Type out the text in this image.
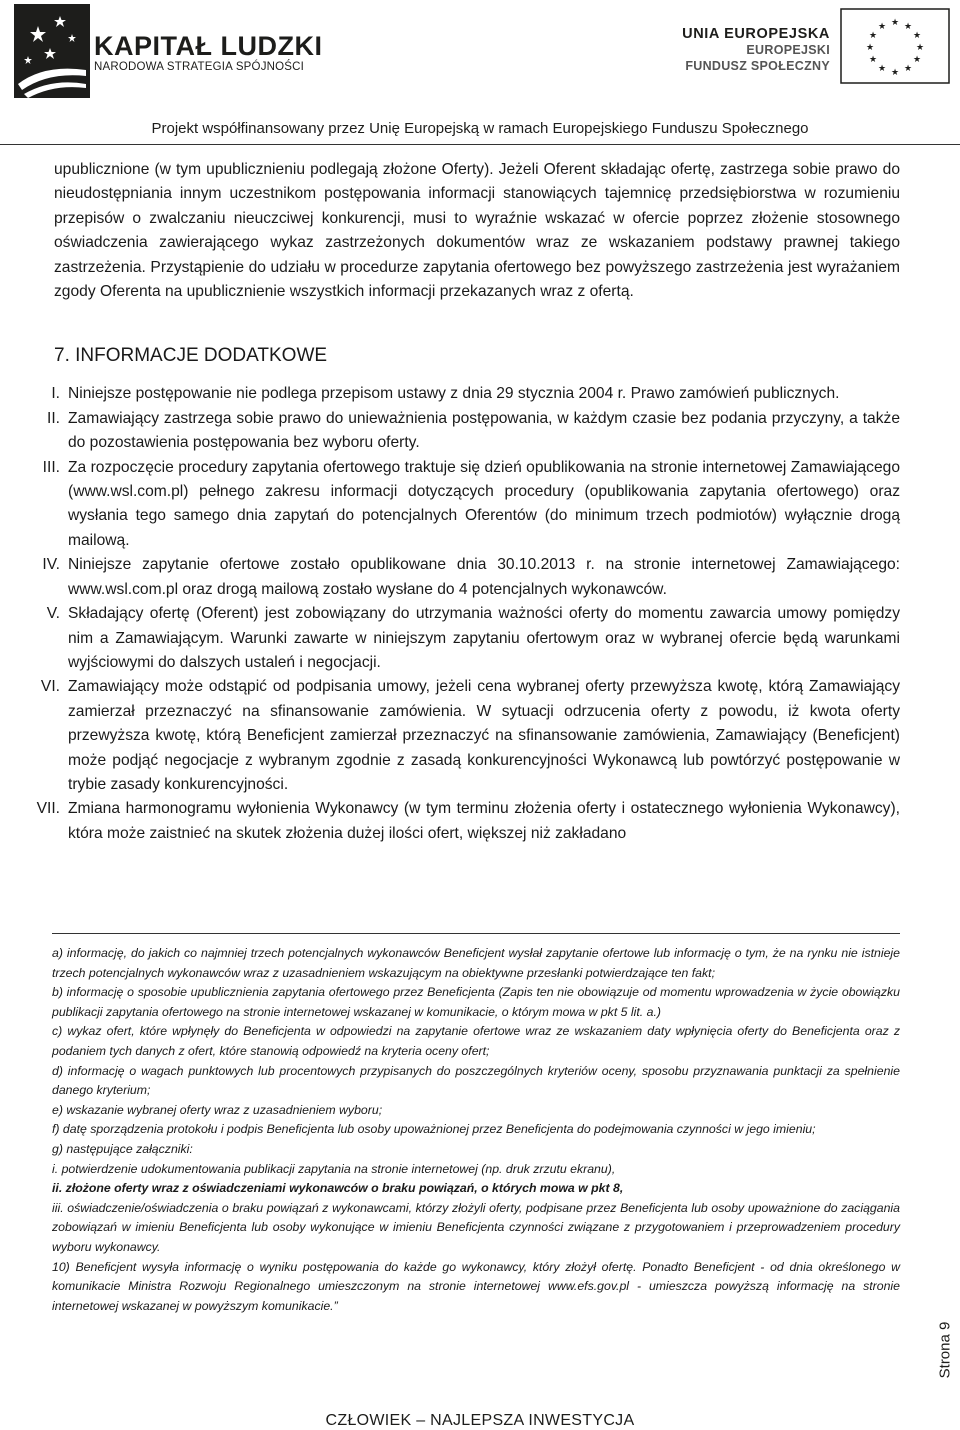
KAPITAŁ LUDZKI
NARODOWA STRATEGIA SPÓJNOŚCI
UNIA EUROPEJSKA
EUROPEJSKI
FUNDUSZ SPOŁECZNY
★ ★
★
★
★
★
★
★
★
★
★
★
Projekt współfinansowany przez Unię Europejską w ramach Europejskiego Funduszu Społecznego

upublicznione (w tym upublicznieniu podlegają złożone Oferty). Jeżeli Oferent składając ofertę, zastrzega sobie prawo do nieudostępniania innym uczestnikom postępowania informacji stanowiących tajemnicę przedsiębiorstwa w rozumieniu przepisów o zwalczaniu nieuczciwej konkurencji, musi to wyraźnie wskazać w ofercie poprzez złożenie stosownego oświadczenia zawierającego wykaz zastrzeżonych dokumentów wraz ze wskazaniem podstawy prawnej takiego zastrzeżenia. Przystąpienie do udziału w procedurze zapytania ofertowego bez powyższego zastrzeżenia jest wyrażaniem zgody Oferenta na upublicznienie wszystkich informacji przekazanych wraz z ofertą.

7. INFORMACJE DODATKOWE
I. Niniejsze postępowanie nie podlega przepisom ustawy z dnia 29 stycznia 2004 r. Prawo zamówień publicznych.
II. Zamawiający zastrzega sobie prawo do unieważnienia postępowania, w każdym czasie bez podania przyczyny, a także do pozostawienia postępowania bez wyboru oferty.
III. Za rozpoczęcie procedury zapytania ofertowego traktuje się dzień opublikowania na stronie internetowej Zamawiającego (www.wsl.com.pl) pełnego zakresu informacji dotyczących procedury (opublikowania zapytania ofertowego) oraz wysłania tego samego dnia zapytań do potencjalnych Oferentów (do minimum trzech podmiotów) wyłącznie drogą mailową.
IV. Niniejsze zapytanie ofertowe zostało opublikowane dnia 30.10.2013 r. na stronie internetowej Zamawiającego: www.wsl.com.pl oraz drogą mailową zostało wysłane do 4 potencjalnych wykonawców.
V. Składający ofertę (Oferent) jest zobowiązany do utrzymania ważności oferty do momentu zawarcia umowy pomiędzy nim a Zamawiającym. Warunki zawarte w niniejszym zapytaniu ofertowym oraz w wybranej ofercie będą warunkami wyjściowymi do dalszych ustaleń i negocjacji.
VI. Zamawiający może odstąpić od podpisania umowy, jeżeli cena wybranej oferty przewyższa kwotę, którą Zamawiający zamierzał przeznaczyć na sfinansowanie zamówienia. W sytuacji odrzucenia oferty z powodu, iż kwota oferty przewyższa kwotę, którą Beneficjent zamierzał przeznaczyć na sfinansowanie zamówienia, Zamawiający (Beneficjent) może podjąć negocjacje z wybranym zgodnie z zasadą konkurencyjności Wykonawcą lub powtórzyć postępowanie w trybie zasady konkurencyjności.
VII. Zmiana harmonogramu wyłonienia Wykonawcy (w tym terminu złożenia oferty i ostatecznego wyłonienia Wykonawcy), która może zaistnieć na skutek złożenia dużej ilości ofert, większej niż zakładano

a) informację, do jakich co najmniej trzech potencjalnych wykonawców Beneficjent wysłał zapytanie ofertowe lub informację o tym, że na rynku nie istnieje trzech potencjalnych wykonawców wraz z uzasadnieniem wskazującym na obiektywne przesłanki potwierdzające ten fakt;

b) informację o sposobie upublicznienia zapytania ofertowego przez Beneficjenta (Zapis ten nie obowiązuje od momentu wprowadzenia w życie obowiązku publikacji zapytania ofertowego na stronie internetowej wskazanej w komunikacie, o którym mowa w pkt 5 lit. a.)

c) wykaz ofert, które wpłynęły do Beneficjenta w odpowiedzi na zapytanie ofertowe wraz ze wskazaniem daty wpłynięcia oferty do Beneficjenta oraz z podaniem tych danych z ofert, które stanowią odpowiedź na kryteria oceny ofert;

d) informację o wagach punktowych lub procentowych przypisanych do poszczególnych kryteriów oceny, sposobu przyznawania punktacji za spełnienie danego kryterium;

e) wskazanie wybranej oferty wraz z uzasadnieniem wyboru;

f) datę sporządzenia protokołu i podpis Beneficjenta lub osoby upoważnionej przez Beneficjenta do podejmowania czynności w jego imieniu;

g) następujące załączniki:

i. potwierdzenie udokumentowania publikacji zapytania na stronie internetowej (np. druk zrzutu ekranu),

ii. złożone oferty wraz z oświadczeniami wykonawców o braku powiązań, o których mowa w pkt 8,

iii. oświadczenie/oświadczenia o braku powiązań z wykonawcami, którzy złożyli oferty, podpisane przez Beneficjenta lub osoby upoważnione do zaciągania zobowiązań w imieniu Beneficjenta lub osoby wykonujące w imieniu Beneficjenta czynności związane z przygotowaniem i przeprowadzeniem procedury wyboru wykonawcy.

10) Beneficjent wysyła informację o wyniku postępowania do każde go wykonawcy, który złożył ofertę. Ponadto Beneficjent - od dnia określonego w komunikacie Ministra Rozwoju Regionalnego umieszczonym na stronie internetowej www.efs.gov.pl - umieszcza powyższą informację na stronie internetowej wskazanej w powyższym komunikacie.”

Strona 9
CZŁOWIEK – NAJLEPSZA INWESTYCJA
